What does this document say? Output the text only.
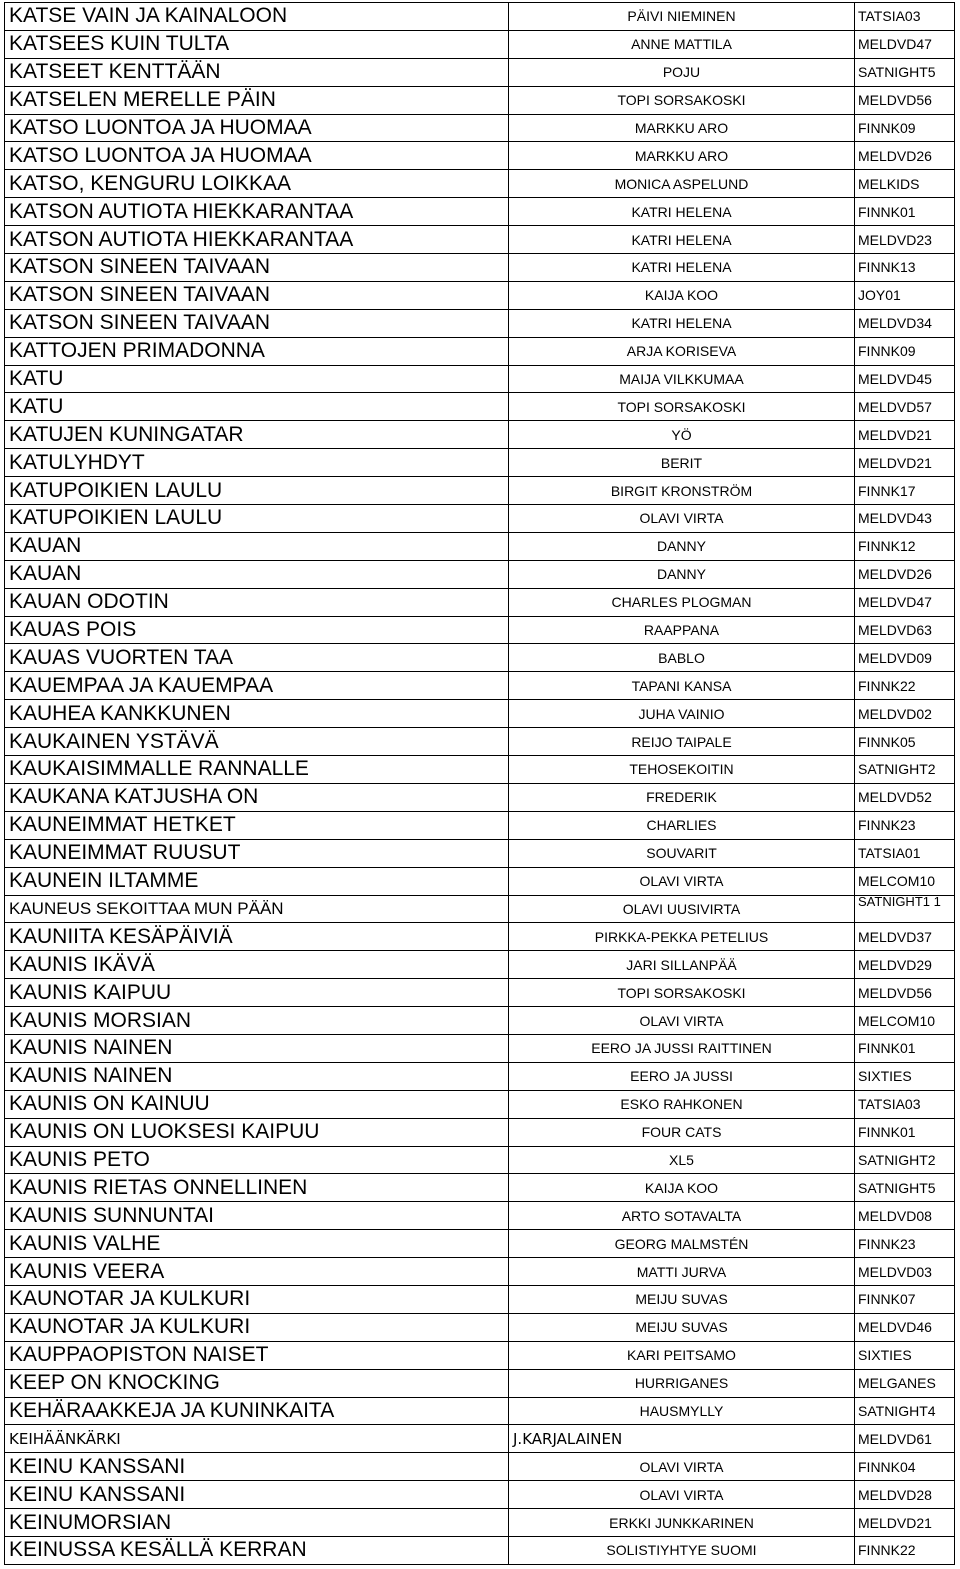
KATSE VAIN JA KAINALOON	PÄIVI NIEMINEN	TATSIA03
KATSEES KUIN TULTA	ANNE MATTILA	MELDVD47
KATSEET KENTTÄÄN	POJU	SATNIGHT5
KATSELEN MERELLE PÄIN	TOPI SORSAKOSKI	MELDVD56
KATSO LUONTOA JA HUOMAA	MARKKU ARO	FINNK09
KATSO LUONTOA JA HUOMAA	MARKKU ARO	MELDVD26
KATSO, KENGURU LOIKKAA	MONICA ASPELUND	MELKIDS
KATSON AUTIOTA HIEKKARANTAA	KATRI HELENA	FINNK01
KATSON AUTIOTA HIEKKARANTAA	KATRI HELENA	MELDVD23
KATSON SINEEN TAIVAAN	KATRI HELENA	FINNK13
KATSON SINEEN TAIVAAN	KAIJA KOO	JOY01
KATSON SINEEN TAIVAAN	KATRI HELENA	MELDVD34
KATTOJEN PRIMADONNA	ARJA KORISEVA	FINNK09
KATU	MAIJA VILKKUMAA	MELDVD45
KATU	TOPI SORSAKOSKI	MELDVD57
KATUJEN KUNINGATAR	YÖ	MELDVD21
KATULYHDYT	BERIT	MELDVD21
KATUPOIKIEN LAULU	BIRGIT KRONSTRÖM	FINNK17
KATUPOIKIEN LAULU	OLAVI VIRTA	MELDVD43
KAUAN	DANNY	FINNK12
KAUAN	DANNY	MELDVD26
KAUAN ODOTIN	CHARLES PLOGMAN	MELDVD47
KAUAS POIS	RAAPPANA	MELDVD63
KAUAS VUORTEN TAA	BABLO	MELDVD09
KAUEMPAA JA KAUEMPAA	TAPANI KANSA	FINNK22
KAUHEA KANKKUNEN	JUHA VAINIO	MELDVD02
KAUKAINEN YSTÄVÄ	REIJO TAIPALE	FINNK05
KAUKAISIMMALLE RANNALLE	TEHOSEKOITIN	SATNIGHT2
KAUKANA KATJUSHA ON	FREDERIK	MELDVD52
KAUNEIMMAT HETKET	CHARLIES	FINNK23
KAUNEIMMAT RUUSUT	SOUVARIT	TATSIA01
KAUNEIN ILTAMME	OLAVI VIRTA	MELCOM10
KAUNEUS SEKOITTAA MUN PÄÄN	OLAVI UUSIVIRTA	SATNIGHT1 1
KAUNIITA KESÄPÄIVIÄ	PIRKKA-PEKKA PETELIUS	MELDVD37
KAUNIS IKÄVÄ	JARI SILLANPÄÄ	MELDVD29
KAUNIS KAIPUU	TOPI SORSAKOSKI	MELDVD56
KAUNIS MORSIAN	OLAVI VIRTA	MELCOM10
KAUNIS NAINEN	EERO JA JUSSI RAITTINEN	FINNK01
KAUNIS NAINEN	EERO JA JUSSI	SIXTIES
KAUNIS ON KAINUU	ESKO RAHKONEN	TATSIA03
KAUNIS ON LUOKSESI KAIPUU	FOUR CATS	FINNK01
KAUNIS PETO	XL5	SATNIGHT2
KAUNIS RIETAS ONNELLINEN	KAIJA KOO	SATNIGHT5
KAUNIS SUNNUNTAI	ARTO SOTAVALTA	MELDVD08
KAUNIS VALHE	GEORG MALMSTÉN	FINNK23
KAUNIS VEERA	MATTI JURVA	MELDVD03
KAUNOTAR JA KULKURI	MEIJU SUVAS	FINNK07
KAUNOTAR JA KULKURI	MEIJU SUVAS	MELDVD46
KAUPPAOPISTON NAISET	KARI PEITSAMO	SIXTIES
KEEP ON KNOCKING	HURRIGANES	MELGANES
KEHÄRAAKKEJA JA KUNINKAITA	HAUSMYLLY	SATNIGHT4
KEIHÄÄNKÄRKI	J.KARJALAINEN	MELDVD61
KEINU KANSSANI	OLAVI VIRTA	FINNK04
KEINU KANSSANI	OLAVI VIRTA	MELDVD28
KEINUMORSIAN	ERKKI JUNKKARINEN	MELDVD21
KEINUSSA KESÄLLÄ KERRAN	SOLISTIYHTYE SUOMI	FINNK22
